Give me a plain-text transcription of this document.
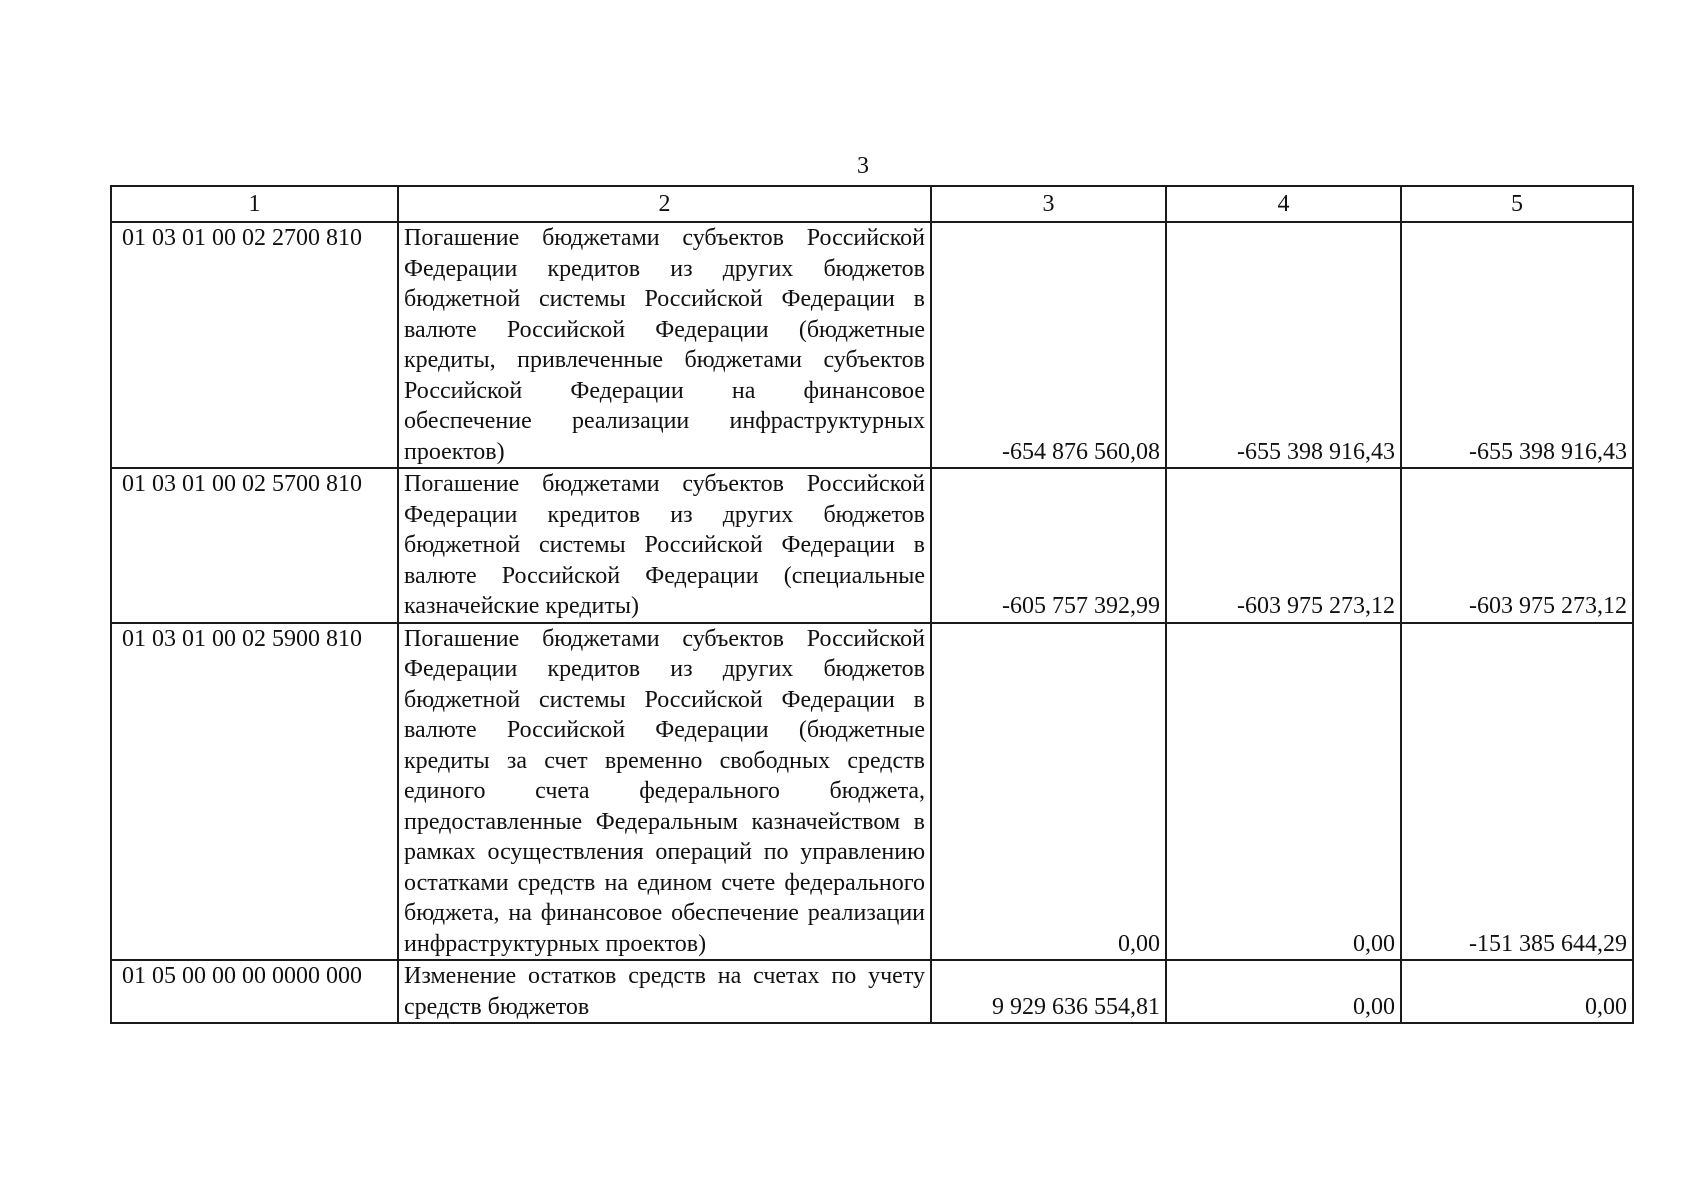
3
1	2	3	4	5
01 03 01 00 02 2700 810	Погашение бюджетами субъектов Российской Федерации кредитов из других бюджетов бюджетной системы Российской Федерации в валюте Российской Федерации (бюджетные кредиты, привлеченные бюджетами субъектов Российской Федерации на финансовое обеспечение реализации инфраструктурных проектов)	-654 876 560,08	-655 398 916,43	-655 398 916,43
01 03 01 00 02 5700 810	Погашение бюджетами субъектов Российской Федерации кредитов из других бюджетов бюджетной системы Российской Федерации в валюте Российской Федерации (специальные казначейские кредиты)	-605 757 392,99	-603 975 273,12	-603 975 273,12
01 03 01 00 02 5900 810	Погашение бюджетами субъектов Российской Федерации кредитов из других бюджетов бюджетной системы Российской Федерации в валюте Российской Федерации (бюджетные кредиты за счет временно свободных средств единого счета федерального бюджета, предоставленные Федеральным казначейством в рамках осуществления операций по управлению остатками средств на едином счете федерального бюджета, на финансовое обеспечение реализации инфраструктурных проектов)	0,00	0,00	-151 385 644,29
01 05 00 00 00 0000 000	Изменение остатков средств на счетах по учету средств бюджетов	9 929 636 554,81	0,00	0,00
